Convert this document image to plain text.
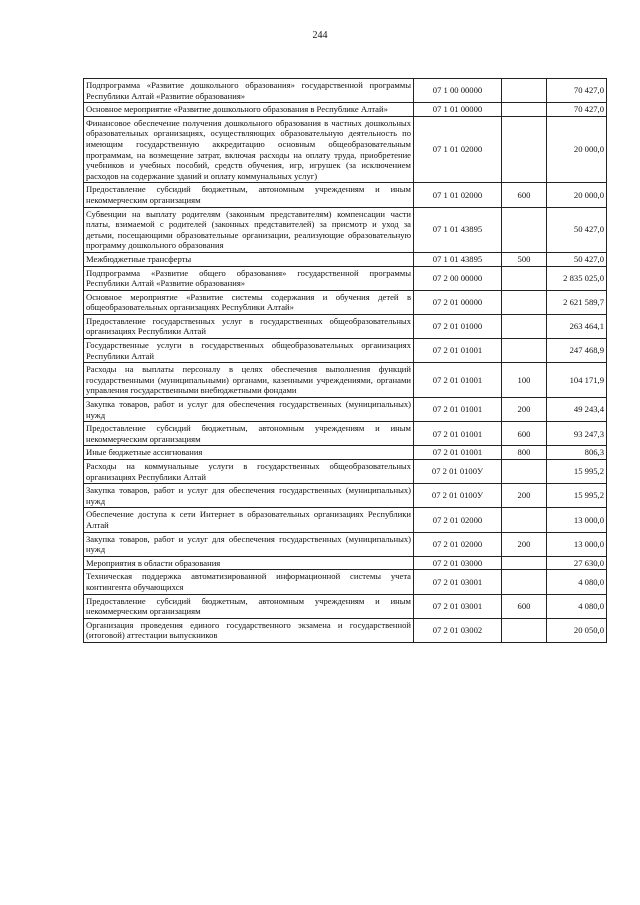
244
Подпрограмма «Развитие дошкольного образования» государственной программы Республики Алтай «Развитие образования»	07 1 00 00000		70 427,0
Основное мероприятие «Развитие дошкольного образования в Республике Алтай»	07 1 01 00000		70 427,0
Финансовое обеспечение получения дошкольного образования в частных дошкольных образовательных организациях, осуществляющих образовательную деятельность по имеющим государственную аккредитацию основным общеобразовательным программам, на возмещение затрат, включая расходы на оплату труда, приобретение учебников и учебных пособий, средств обучения, игр, игрушек (за исключением расходов на содержание зданий и оплату коммунальных услуг)	07 1 01 02000		20 000,0
Предоставление субсидий бюджетным, автономным учреждениям и иным некоммерческим организациям	07 1 01 02000	600	20 000,0
Субвенции на выплату родителям (законным представителям) компенсации части платы, взимаемой с родителей (законных представителей) за присмотр и уход за детьми, посещающими образовательные организации, реализующие образовательную программу дошкольного образования	07 1 01 43895		50 427,0
Межбюджетные трансферты	07 1 01 43895	500	50 427,0
Подпрограмма «Развитие общего образования» государственной программы Республики Алтай «Развитие образования»	07 2 00 00000		2 835 025,0
Основное мероприятие «Развитие системы содержания и обучения детей в общеобразовательных организациях Республики Алтай»	07 2 01 00000		2 621 589,7
Предоставление государственных услуг в государственных общеобразовательных организациях Республики Алтай	07 2 01 01000		263 464,1
Государственные услуги в государственных общеобразовательных организациях Республики Алтай	07 2 01 01001		247 468,9
Расходы на выплаты персоналу в целях обеспечения выполнения функций государственными (муниципальными) органами, казенными учреждениями, органами управления государственными внебюджетными фондами	07 2 01 01001	100	104 171,9
Закупка товаров, работ и услуг для обеспечения государственных (муниципальных) нужд	07 2 01 01001	200	49 243,4
Предоставление субсидий бюджетным, автономным учреждениям и иным некоммерческим организациям	07 2 01 01001	600	93 247,3
Иные бюджетные ассигнования	07 2 01 01001	800	806,3
Расходы на коммунальные услуги в государственных общеобразовательных организациях Республики Алтай	07 2 01 0100У		15 995,2
Закупка товаров, работ и услуг для обеспечения государственных (муниципальных) нужд	07 2 01 0100У	200	15 995,2
Обеспечение доступа к сети Интернет в образовательных организациях Республики Алтай	07 2 01 02000		13 000,0
Закупка товаров, работ и услуг для обеспечения государственных (муниципальных) нужд	07 2 01 02000	200	13 000,0
Мероприятия в области образования	07 2 01 03000		27 630,0
Техническая поддержка автоматизированной информационной системы учета контингента обучающихся	07 2 01 03001		4 080,0
Предоставление субсидий бюджетным, автономным учреждениям и иным некоммерческим организациям	07 2 01 03001	600	4 080,0
Организация проведения единого государственного экзамена и государственной (итоговой) аттестации выпускников	07 2 01 03002		20 050,0
